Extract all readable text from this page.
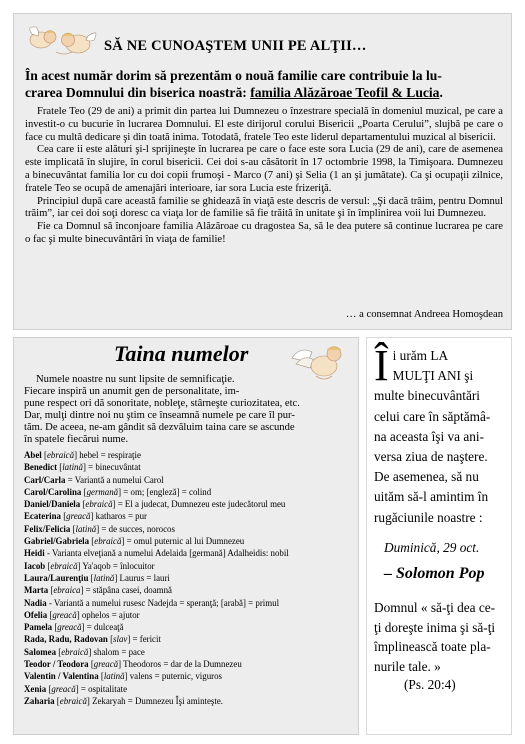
SĂ NE CUNOAŞTEM UNII PE ALŢII…
În acest număr dorim să prezentăm o nouă familie care contribuie la lu-
crarea Domnului din biserica noastră: familia Alăzăroae Teofil & Lucia.

Fratele Teo (29 de ani) a primit din partea lui Dumnezeu o înzestrare specială în domeniul muzical, pe care a investit-o cu bucurie în lucrarea Domnului. El este dirijorul corului Bisericii „Poarta Cerului”, slujbă pe care o face cu multă dedicare şi din toată inima. Totodată, fratele Teo este liderul departamentului muzical al bisericii.

Cea care ii este alături şi-l sprijineşte în lucrarea pe care o face este sora Lucia (29 de ani), care de asemenea este implicată în slujire, în corul bisericii. Cei doi s-au căsătorit în 17 octombrie 1998, la Timişoara. Dumnezeu a binecuvântat familia lor cu doi copii frumoşi - Marco (7 ani) şi Selia (1 an şi jumătate). Ca şi ocupaţii zilnice, fratele Teo se ocupă de amenajări interioare, iar sora Lucia este frizeriţă.

Principiul după care această familie se ghidează în viaţă este descris de versul: „Şi dacă trăim, pentru Domnul trăim”, iar cei doi soţi doresc ca viaţa lor de familie să fie trăită în unitate şi în împlinirea voii lui Dumnezeu.

Fie ca Domnul să înconjoare familia Alăzăroae cu dragostea Sa, să le dea putere să continue lucrarea pe care o fac şi multe binecuvântări în viaţa de familie!

… a consemnat Andreea Homoşdean
Taina numelor
Numele noastre nu sunt lipsite de semnificaţie.
Fiecare inspiră un anumit gen de personalitate, im-
pune respect ori dă sonoritate, nobleţe, stârneşte curiozitatea, etc.
Dar, mulţi dintre noi nu ştim ce înseamnă numele pe care îl pur-
tăm. De aceea, ne-am gândit să dezvăluim taina care se ascunde
în spatele fiecărui nume.
Abel [ebraică] hebel = respiraţie
Benedict [latină] = binecuvântat
Carl/Carla = Variantă a numelui Carol
Carol/Carolina [germană] = om; [engleză] = colind
Daniel/Daniela [ebraică] = El a judecat, Dumnezeu este judecătorul meu
Ecaterina [greacă] katharos = pur
Felix/Felicia [latină] = de succes, norocos
Gabriel/Gabriela [ebraică] = omul puternic al lui Dumnezeu
Heidi - Varianta elveţiană a numelui Adelaida [germană] Adalheidis: nobil
Iacob [ebraică] Ya'aqob = înlocuitor
Laura/Laurenţiu [latină] Laurus = lauri
Marta [ebraica] = stăpâna casei, doamnă
Nadia - Variantă a numelui rusesc Nadejda = speranţă; [arabă] = primul
Ofelia [greacă] ophelos = ajutor
Pamela [greacă] = dulceaţă
Rada, Radu, Radovan [slav] = fericit
Salomea [ebraică] shalom = pace
Teodor / Teodora [greacă] Theodoros = dar de la Dumnezeu
Valentin / Valentina [latină] valens = puternic, viguros
Xenia [greacă] = ospitalitate
Zaharia [ebraică] Zekaryah = Dumnezeu Îşi aminteşte.
Î i urăm LA
MULŢI ANI şi
multe binecuvântări
celui care în săptămâ-
na aceasta îşi va ani-
versa ziua de naştere.
De asemenea, să nu
uităm să-l amintim în
rugăciunile noastre :
Duminică, 29 oct.
– Solomon Pop
Domnul « să-ţi dea ce-
ţi doreşte inima şi să-ţi
împlinească toate pla-
nurile tale. »
(Ps. 20:4)
